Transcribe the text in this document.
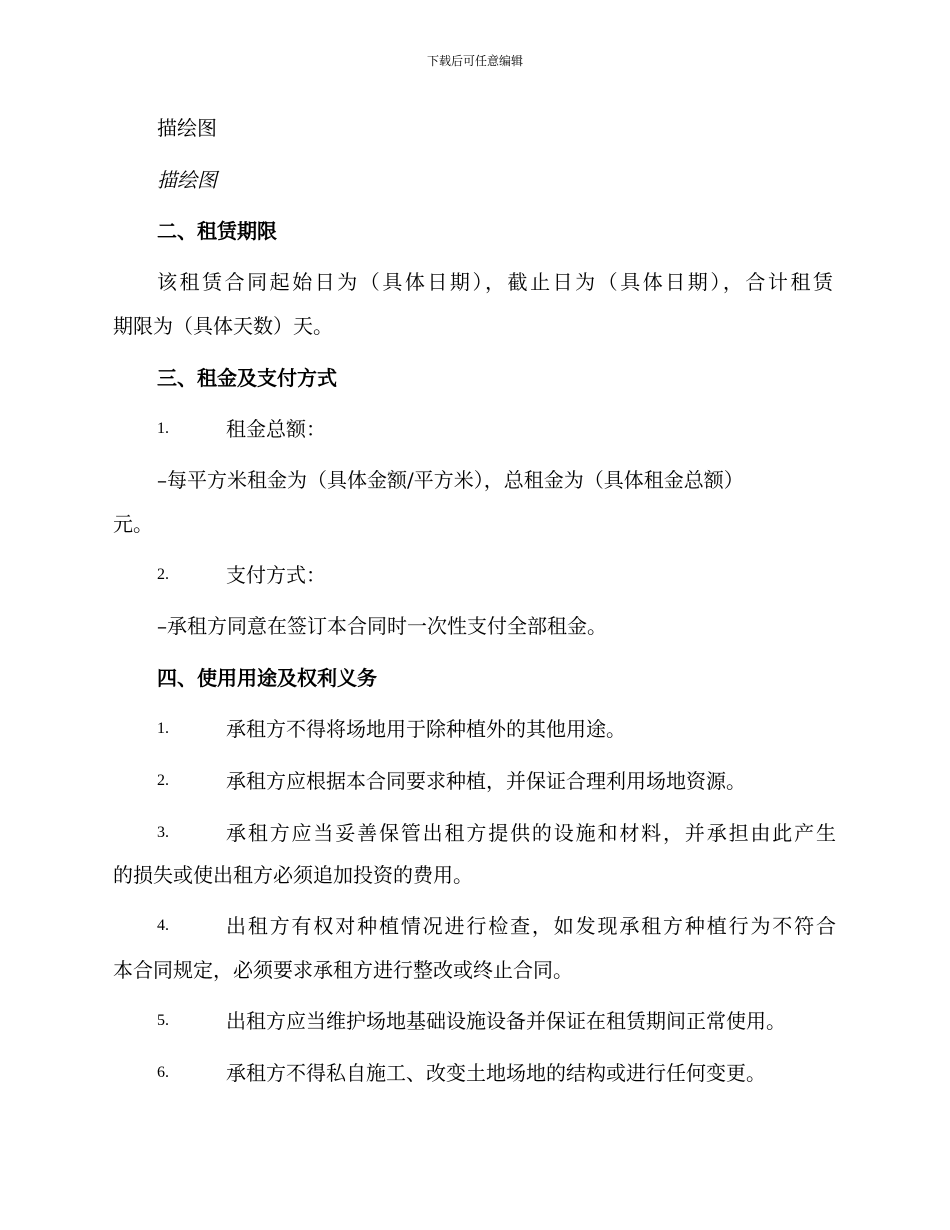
下载后可任意编辑
描绘图
描绘图
二、租赁期限
该租赁合同起始日为（具体日期），截止日为（具体日期），合计租赁
期限为（具体天数）天。
三、租金及支付方式
1.	租金总额：
–每平方米租金为（具体金额/平方米），总租金为（具体租金总额）
元。
2.	支付方式：
–承租方同意在签订本合同时一次性支付全部租金。
四、使用用途及权利义务
1.	承租方不得将场地用于除种植外的其他用途。
2.	承租方应根据本合同要求种植，并保证合理利用场地资源。
3.	承租方应当妥善保管出租方提供的设施和材料，并承担由此产生
的损失或使出租方必须追加投资的费用。
4.	出租方有权对种植情况进行检查，如发现承租方种植行为不符合
本合同规定，必须要求承租方进行整改或终止合同。
5.	出租方应当维护场地基础设施设备并保证在租赁期间正常使用。
6.	承租方不得私自施工、改变土地场地的结构或进行任何变更。
